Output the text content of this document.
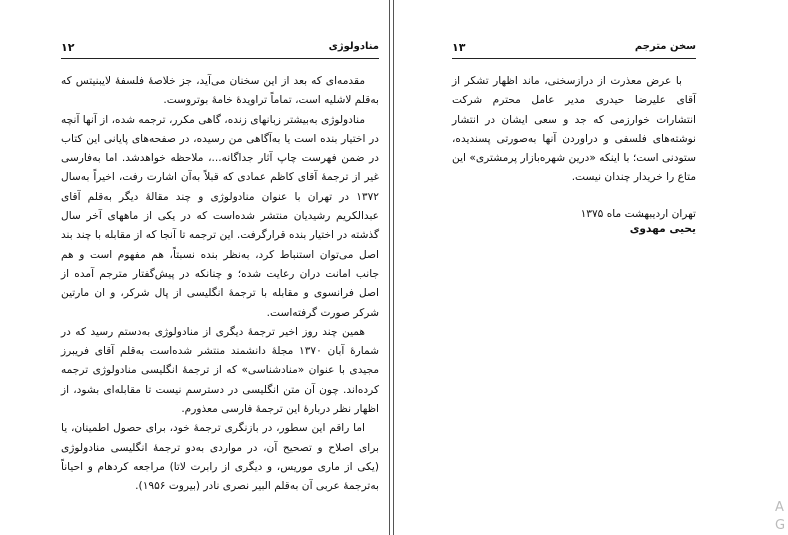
منادولوژی
۱۲

مقدمه‌ای که بعد از این سخنان می‌آید، جز خلاصهٔ فلسفهٔ لایبنیتس که به‌قلم لاشلیه است، تماماً تراویدهٔ خامهٔ بوتروست.

منادولوژی به‌بیشتر زبانهای زنده، گاهی مکرر، ترجمه شده، از آنها آنچه در اختیار بنده است یا به‌آگاهی من رسیده، در صفحه‌های پایانی این کتاب در ضمن فهرست چاپ آثار جداگانه...، ملاحظه خواهدشد. اما به‌فارسی غیر از ترجمهٔ آقای کاظم عمادی که قبلاً به‌آن اشارت رفت، اخیراً به‌سال ۱۳۷۲ در تهران با عنوان منادولوژی و چند مقالهٔ دیگر به‌قلم آقای عبدالکریم رشیدیان منتشر شده‌است که در یکی از ماههای آخر سال گذشته در اختیار بنده قرارگرفت. این ترجمه تا آنجا که از مقابله با چند بند اصل می‌توان استنباط کرد، به‌نظر بنده نسبتاً، هم مفهوم است و هم جانب امانت دران رعایت شده؛ و چنانکه در پیش‌گفتار مترجم آمده از اصل فرانسوی و مقابله با ترجمهٔ انگلیسی از پال شرکر، و ان مارتین شرکر صورت گرفته‌است.

همین چند روز اخیر ترجمهٔ دیگری از منادولوژی به‌دستم رسید که در شمارهٔ آبان ۱۳۷۰ مجلهٔ دانشمند منتشر شده‌است به‌قلم آقای فریبرز مجیدی با عنوان «منادشناسی» که از ترجمهٔ انگلیسی منادولوژی ترجمه کرده‌اند. چون آن متن انگلیسی در دسترسم نیست تا مقابله‌ای بشود، از اظهار نظر دربارهٔ این ترجمهٔ فارسی معذورم.

اما راقم این سطور، در بازنگری ترجمهٔ خود، برای حصول اطمینان، یا برای اصلاح و تصحیح آن، در مواردی به‌دو ترجمهٔ انگلیسی منادولوژی (یکی از ماری موریس، و دیگری از رابرت لاتا) مراجعه کردهام و احیاناً به‌ترجمهٔ عربی آن به‌قلم البیر نصری نادر (بیروت ۱۹۵۶).

سخن مترجم
۱۳

با عرض معذرت از درازسخنی، ماند اظهار تشکر از آقای علیرضا حیدری مدیر عامل محترم شرکت انتشارات خوارزمی که جد و سعی ایشان در انتشار نوشته‌های فلسفی و دراوردن آنها به‌صورتی پسندیده، ستودنی است؛ با اینکه «درین شهره‌بازار پرمشتری» این متاع را خریدار چندان نیست.

تهران اردیبهشت ماه ۱۳۷۵
یحیی مهدوی
A
G
